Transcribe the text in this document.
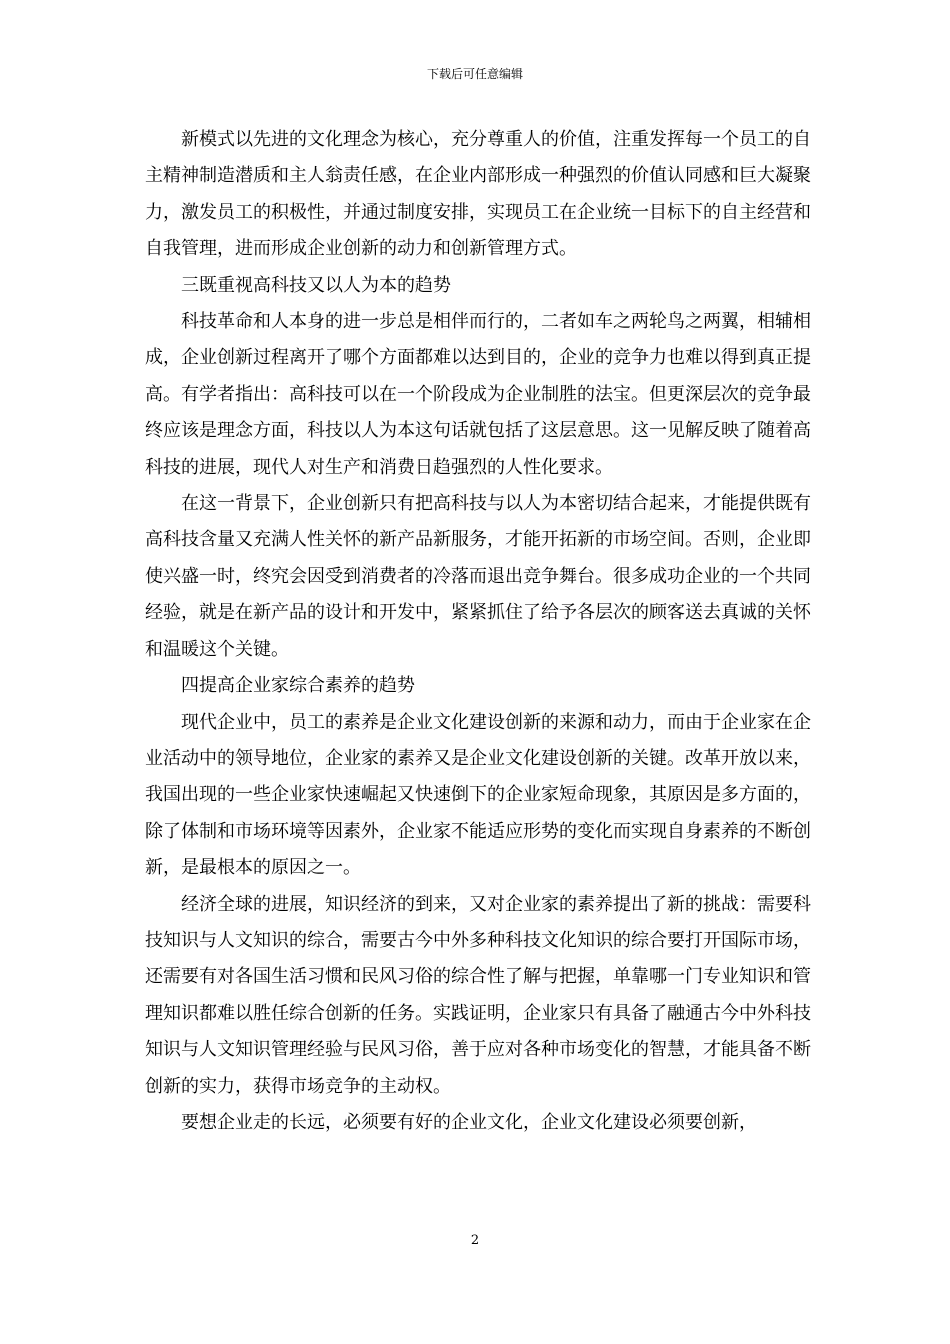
下载后可任意编辑

新模式以先进的文化理念为核心，充分尊重人的价值，注重发挥每一个员工的自主精神制造潜质和主人翁责任感，在企业内部形成一种强烈的价值认同感和巨大凝聚力，激发员工的积极性，并通过制度安排，实现员工在企业统一目标下的自主经营和自我管理，进而形成企业创新的动力和创新管理方式。

三既重视高科技又以人为本的趋势

科技革命和人本身的进一步总是相伴而行的，二者如车之两轮鸟之两翼，相辅相成，企业创新过程离开了哪个方面都难以达到目的，企业的竞争力也难以得到真正提高。有学者指出：高科技可以在一个阶段成为企业制胜的法宝。但更深层次的竞争最终应该是理念方面，科技以人为本这句话就包括了这层意思。这一见解反映了随着高科技的进展，现代人对生产和消费日趋强烈的人性化要求。

在这一背景下，企业创新只有把高科技与以人为本密切结合起来，才能提供既有高科技含量又充满人性关怀的新产品新服务，才能开拓新的市场空间。否则，企业即使兴盛一时，终究会因受到消费者的冷落而退出竞争舞台。很多成功企业的一个共同经验，就是在新产品的设计和开发中，紧紧抓住了给予各层次的顾客送去真诚的关怀和温暖这个关键。

四提高企业家综合素养的趋势

现代企业中，员工的素养是企业文化建设创新的来源和动力，而由于企业家在企业活动中的领导地位，企业家的素养又是企业文化建设创新的关键。改革开放以来，我国出现的一些企业家快速崛起又快速倒下的企业家短命现象，其原因是多方面的，除了体制和市场环境等因素外，企业家不能适应形势的变化而实现自身素养的不断创新，是最根本的原因之一。

经济全球的进展，知识经济的到来，又对企业家的素养提出了新的挑战：需要科技知识与人文知识的综合，需要古今中外多种科技文化知识的综合要打开国际市场，还需要有对各国生活习惯和民风习俗的综合性了解与把握，单靠哪一门专业知识和管理知识都难以胜任综合创新的任务。实践证明，企业家只有具备了融通古今中外科技知识与人文知识管理经验与民风习俗，善于应对各种市场变化的智慧，才能具备不断创新的实力，获得市场竞争的主动权。

要想企业走的长远，必须要有好的企业文化，企业文化建设必须要创新，

2
